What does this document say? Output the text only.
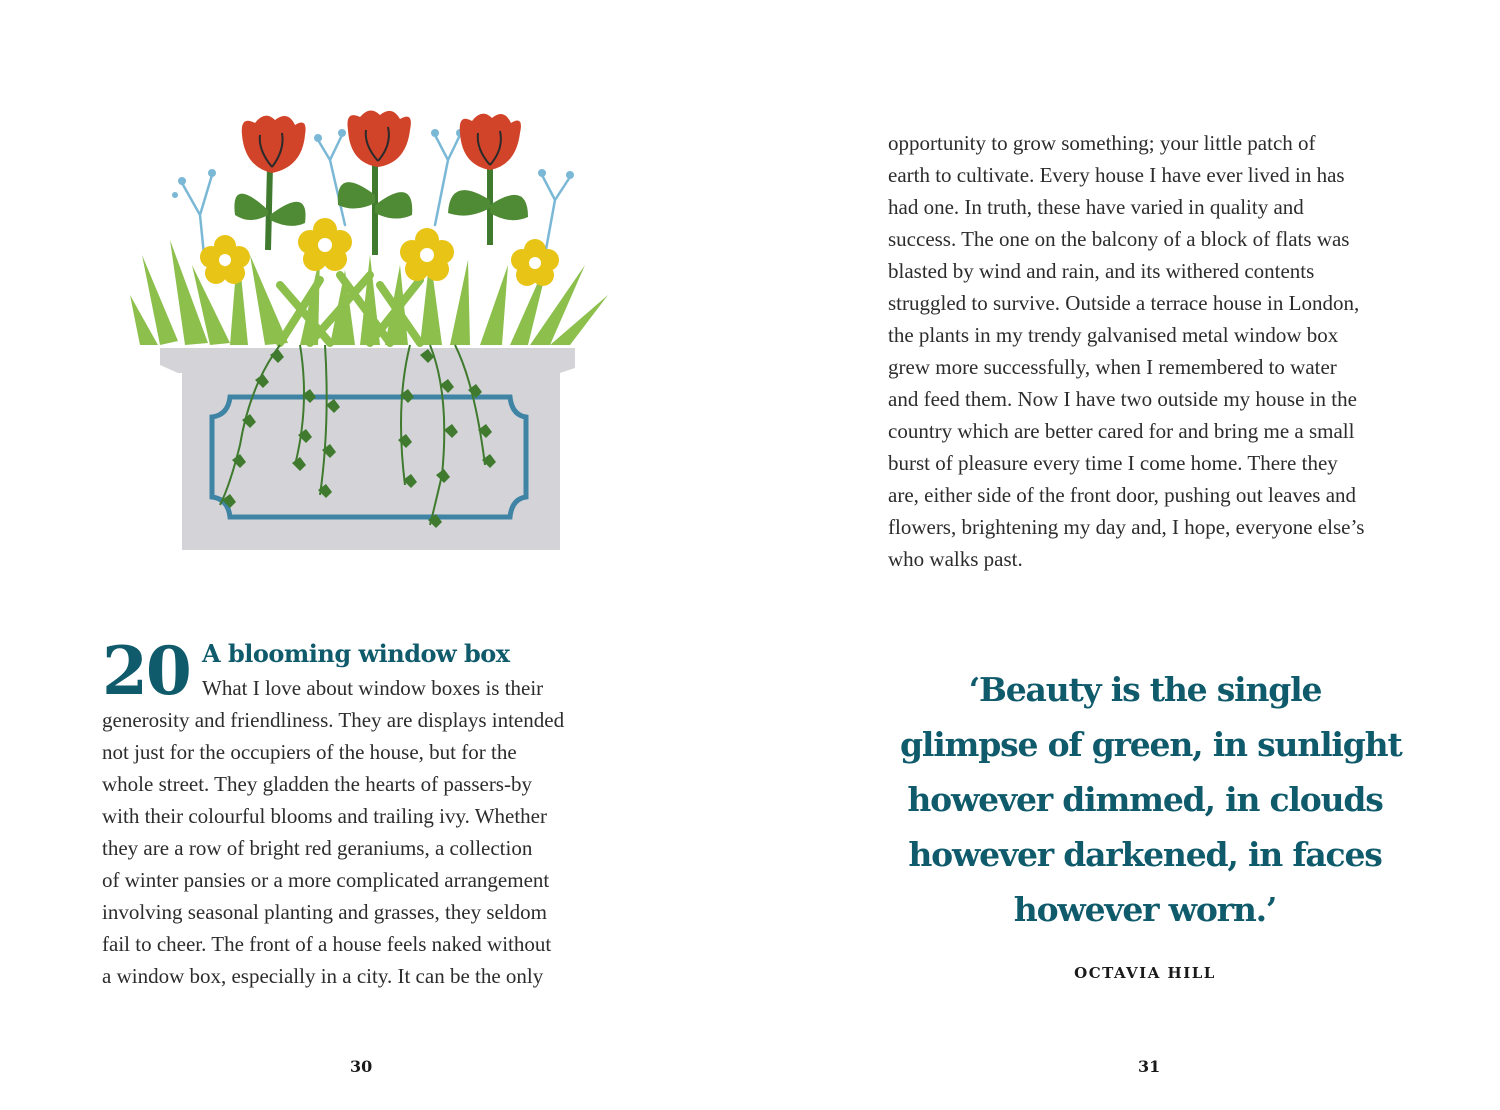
20 A blooming window box
What I love about window boxes is their
generosity and friendliness. They are displays intended
not just for the occupiers of the house, but for the
whole street. They gladden the hearts of passers-by
with their colourful blooms and trailing ivy. Whether
they are a row of bright red geraniums, a collection
of winter pansies or a more complicated arrangement
involving seasonal planting and grasses, they seldom
fail to cheer. The front of a house feels naked without
a window box, especially in a city. It can be the only
opportunity to grow something; your little patch of
earth to cultivate. Every house I have ever lived in has
had one. In truth, these have varied in quality and
success. The one on the balcony of a block of flats was
blasted by wind and rain, and its withered contents
struggled to survive. Outside a terrace house in London,
the plants in my trendy galvanised metal window box
grew more successfully, when I remembered to water
and feed them. Now I have two outside my house in the
country which are better cared for and bring me a small
burst of pleasure every time I come home. There they
are, either side of the front door, pushing out leaves and
flowers, brightening my day and, I hope, everyone else’s
who walks past.
‘Beauty is the single
glimpse of green, in sunlight
however dimmed, in clouds
however darkened, in faces
however worn.’
OCTAVIA HILL
30	31
